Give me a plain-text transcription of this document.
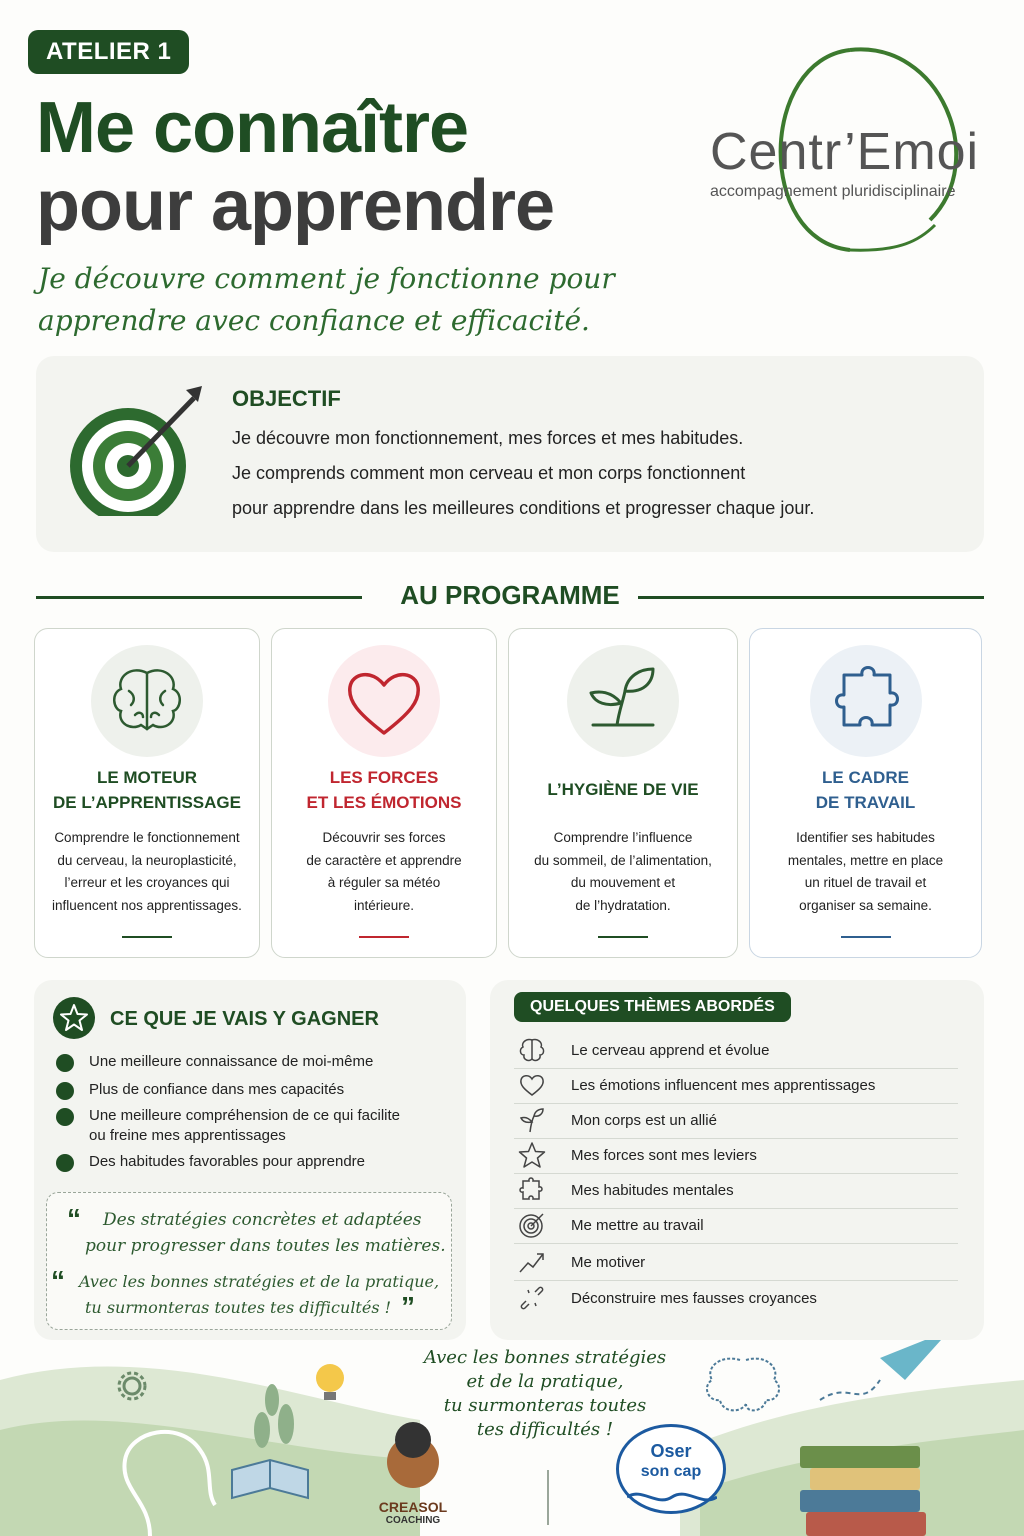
ATELIER 1
Me connaître
pour apprendre
Je découvre comment je fonctionne pour
apprendre avec confiance et efficacité.
Centr’Emoi
accompagnement pluridisciplinaire
OBJECTIF
Je découvre mon fonctionnement, mes forces et mes habitudes.
Je comprends comment mon cerveau et mon corps fonctionnent
pour apprendre dans les meilleures conditions et progresser chaque jour.
AU PROGRAMME
LE MOTEUR
DE L’APPRENTISSAGE
Comprendre le fonctionnement
du cerveau, la neuroplasticité,
l’erreur et les croyances qui
influencent nos apprentissages.
LES FORCES
ET LES ÉMOTIONS
Découvrir ses forces
de caractère et apprendre
à réguler sa météo
intérieure.
L’HYGIÈNE DE VIE
Comprendre l’influence
du sommeil, de l’alimentation,
du mouvement et
de l’hydratation.
LE CADRE
DE TRAVAIL
Identifier ses habitudes
mentales, mettre en place
un rituel de travail et
organiser sa semaine.
CE QUE JE VAIS Y GAGNER
Une meilleure connaissance de moi-même
Plus de confiance dans mes capacités
Une meilleure compréhension de ce qui facilite
ou freine mes apprentissages
Des habitudes favorables pour apprendre
“ Des stratégies concrètes et adaptées
pour progresser dans toutes les matières.
“ Avec les bonnes stratégies et de la pratique,
tu surmonteras toutes tes difficultés ! ”
QUELQUES THÈMES ABORDÉS
Le cerveau apprend et évolue
Les émotions influencent mes apprentissages
Mon corps est un allié
Mes forces sont mes leviers
Mes habitudes mentales
Me mettre au travail
Me motiver
Déconstruire mes fausses croyances
Avec les bonnes stratégies
et de la pratique,
tu surmonteras toutes
tes difficultés !
CREASOL
COACHING
Oser
son cap
